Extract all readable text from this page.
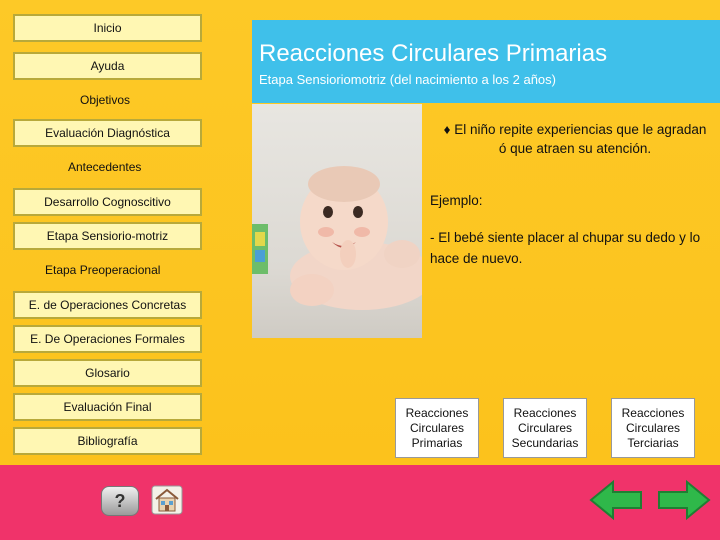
Inicio
Ayuda
Objetivos
Evaluación Diagnóstica
Antecedentes
Desarrollo Cognoscitivo
Etapa Sensiorio-motriz
Etapa Preoperacional
E. de Operaciones Concretas
E. De Operaciones Formales
Glosario
Evaluación Final
Bibliografía
Reacciones Circulares Primarias
Etapa Sensioriomotriz (del nacimiento a los 2 años)
♦ El niño repite experiencias que le agradan ó que atraen su atención.
Ejemplo:
- El bebé siente placer al chupar su dedo y lo hace de nuevo.
Reacciones Circulares Primarias
Reacciones Circulares Secundarias
Reacciones Circulares Terciarias
?
